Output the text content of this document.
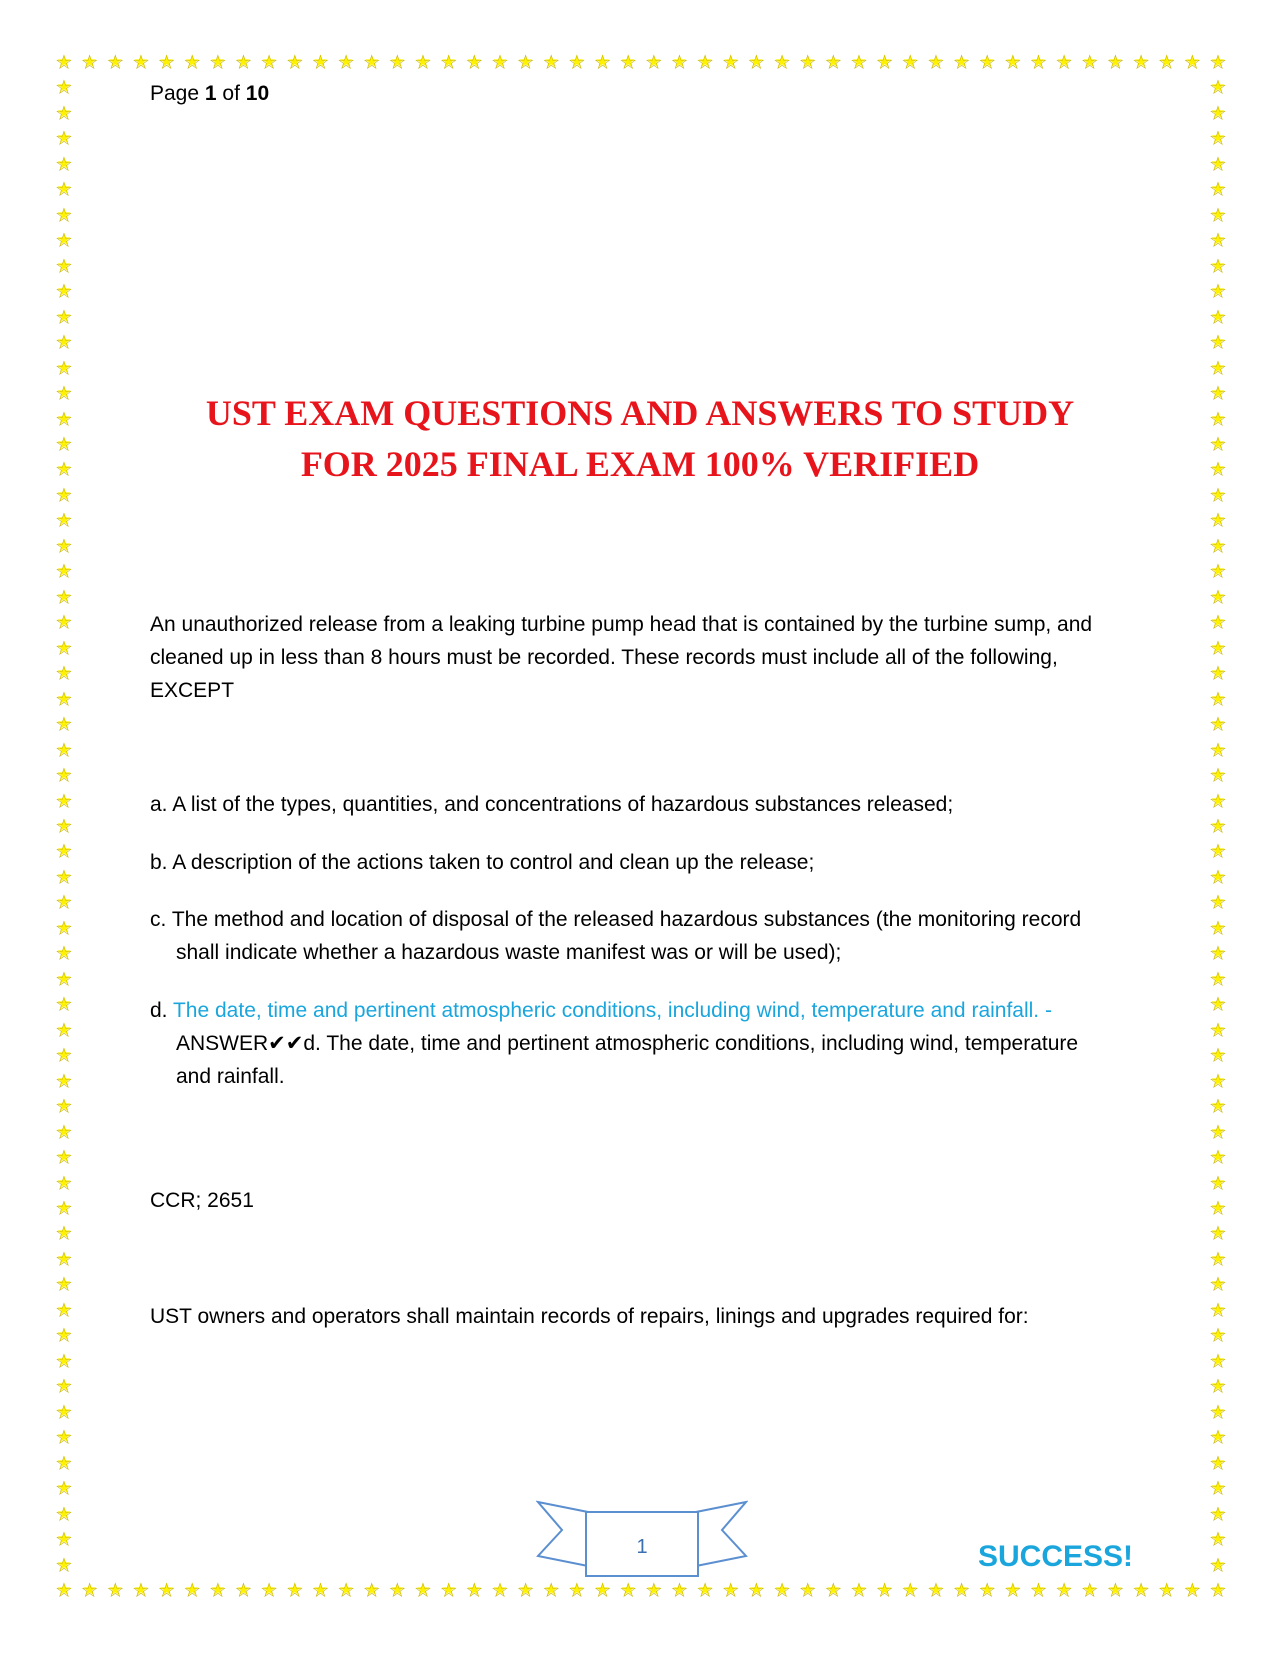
★
☆
★
☆
★
☆
★
☆
★
☆
★
☆
★
☆
★
☆
★
☆
★
☆
★
☆
★
☆
★
☆
★
☆
★
☆
★
☆
★
☆
★
☆
★
☆
★
☆
★
☆
★
☆
★
☆
★
☆
★
☆
★
☆
★
☆
★
☆
★
☆
★
☆
★
☆
★
☆
★
☆
★
☆
★
☆
★
☆
★
☆
★
☆
★
☆
★
☆
★
☆
★
☆
★
☆
★
☆
★
☆
★
☆
★
☆
★
☆
★
☆
★
☆
★
☆
★
☆
★
☆
★
☆
★
☆
★
☆
★
☆
★
☆
★
☆
★
☆
★
☆
★
☆
★
☆
★
☆
★
☆
★
☆
★
☆
★
☆
★
☆
★
☆
★
☆
★
☆
★
☆
★
☆
★
☆
★
☆
★
☆
★
☆
★
☆
★
☆
★
☆
★
☆
★
☆
★
☆
★
☆
★
☆
★
☆
★
☆
★
☆
★
☆
★
☆
★
☆
★
☆
★
☆
★
☆
★
☆
★
☆
★
☆
★
☆
★
☆
★
☆
★
☆
★
☆
★
☆
★
☆
★
☆
★
☆
★
☆
★
☆
★
☆
★
☆
★
☆
★
☆
★
☆
★
☆
★
☆
★
☆
★
☆
★
☆
★
☆
★
☆
★
☆
★
☆
★
☆
★
☆
★
☆
★
☆
★
☆
★
☆
★
☆
★
☆
★
☆
★
☆
★
☆
★
☆
★
☆
★
☆
★
☆
★
☆
★
☆
★
☆
★
☆
★
☆
★
☆
★
☆
★
☆
★
☆
★
☆
★
☆
★
☆
★
☆
★
☆
★
☆
★
☆
★
☆
★
☆
★
☆
★
☆
★
☆
★
☆
★
☆
★
☆
★
☆
★
☆
★
☆
★
☆
★
☆
★
☆
★
☆
★
☆
★
☆
★
☆
★
☆
★
☆
★
☆
★
☆
★
☆
★
☆
★
☆
★
☆
★
☆
★
☆
★
☆
★
☆
★
☆
★
☆
★
☆
★
☆
★
☆
★
☆
★
☆
★
☆
★
☆
★
☆
★
☆
★
☆
★
☆
★
☆
★
☆
★
☆
★
☆
★
☆
★
☆
★
☆
★
☆
★
☆
★
☆
★
☆
★
☆
★
☆
Page 1 of 10
UST EXAM QUESTIONS AND ANSWERS TO STUDY
FOR 2025 FINAL EXAM 100% VERIFIED
An unauthorized release from a leaking turbine pump head that is contained by the turbine sump, and cleaned up in less than 8 hours must be recorded. These records must include all of the following, EXCEPT
a. A list of the types, quantities, and concentrations of hazardous substances released;
b. A description of the actions taken to control and clean up the release;
c. The method and location of disposal of the released hazardous substances (the monitoring record shall indicate whether a hazardous waste manifest was or will be used);
d. The date, time and pertinent atmospheric conditions, including wind, temperature and rainfall. - ANSWER✔✔d. The date, time and pertinent atmospheric conditions, including wind, temperature and rainfall.
CCR; 2651
UST owners and operators shall maintain records of repairs, linings and upgrades required for:
1	SUCCESS!
